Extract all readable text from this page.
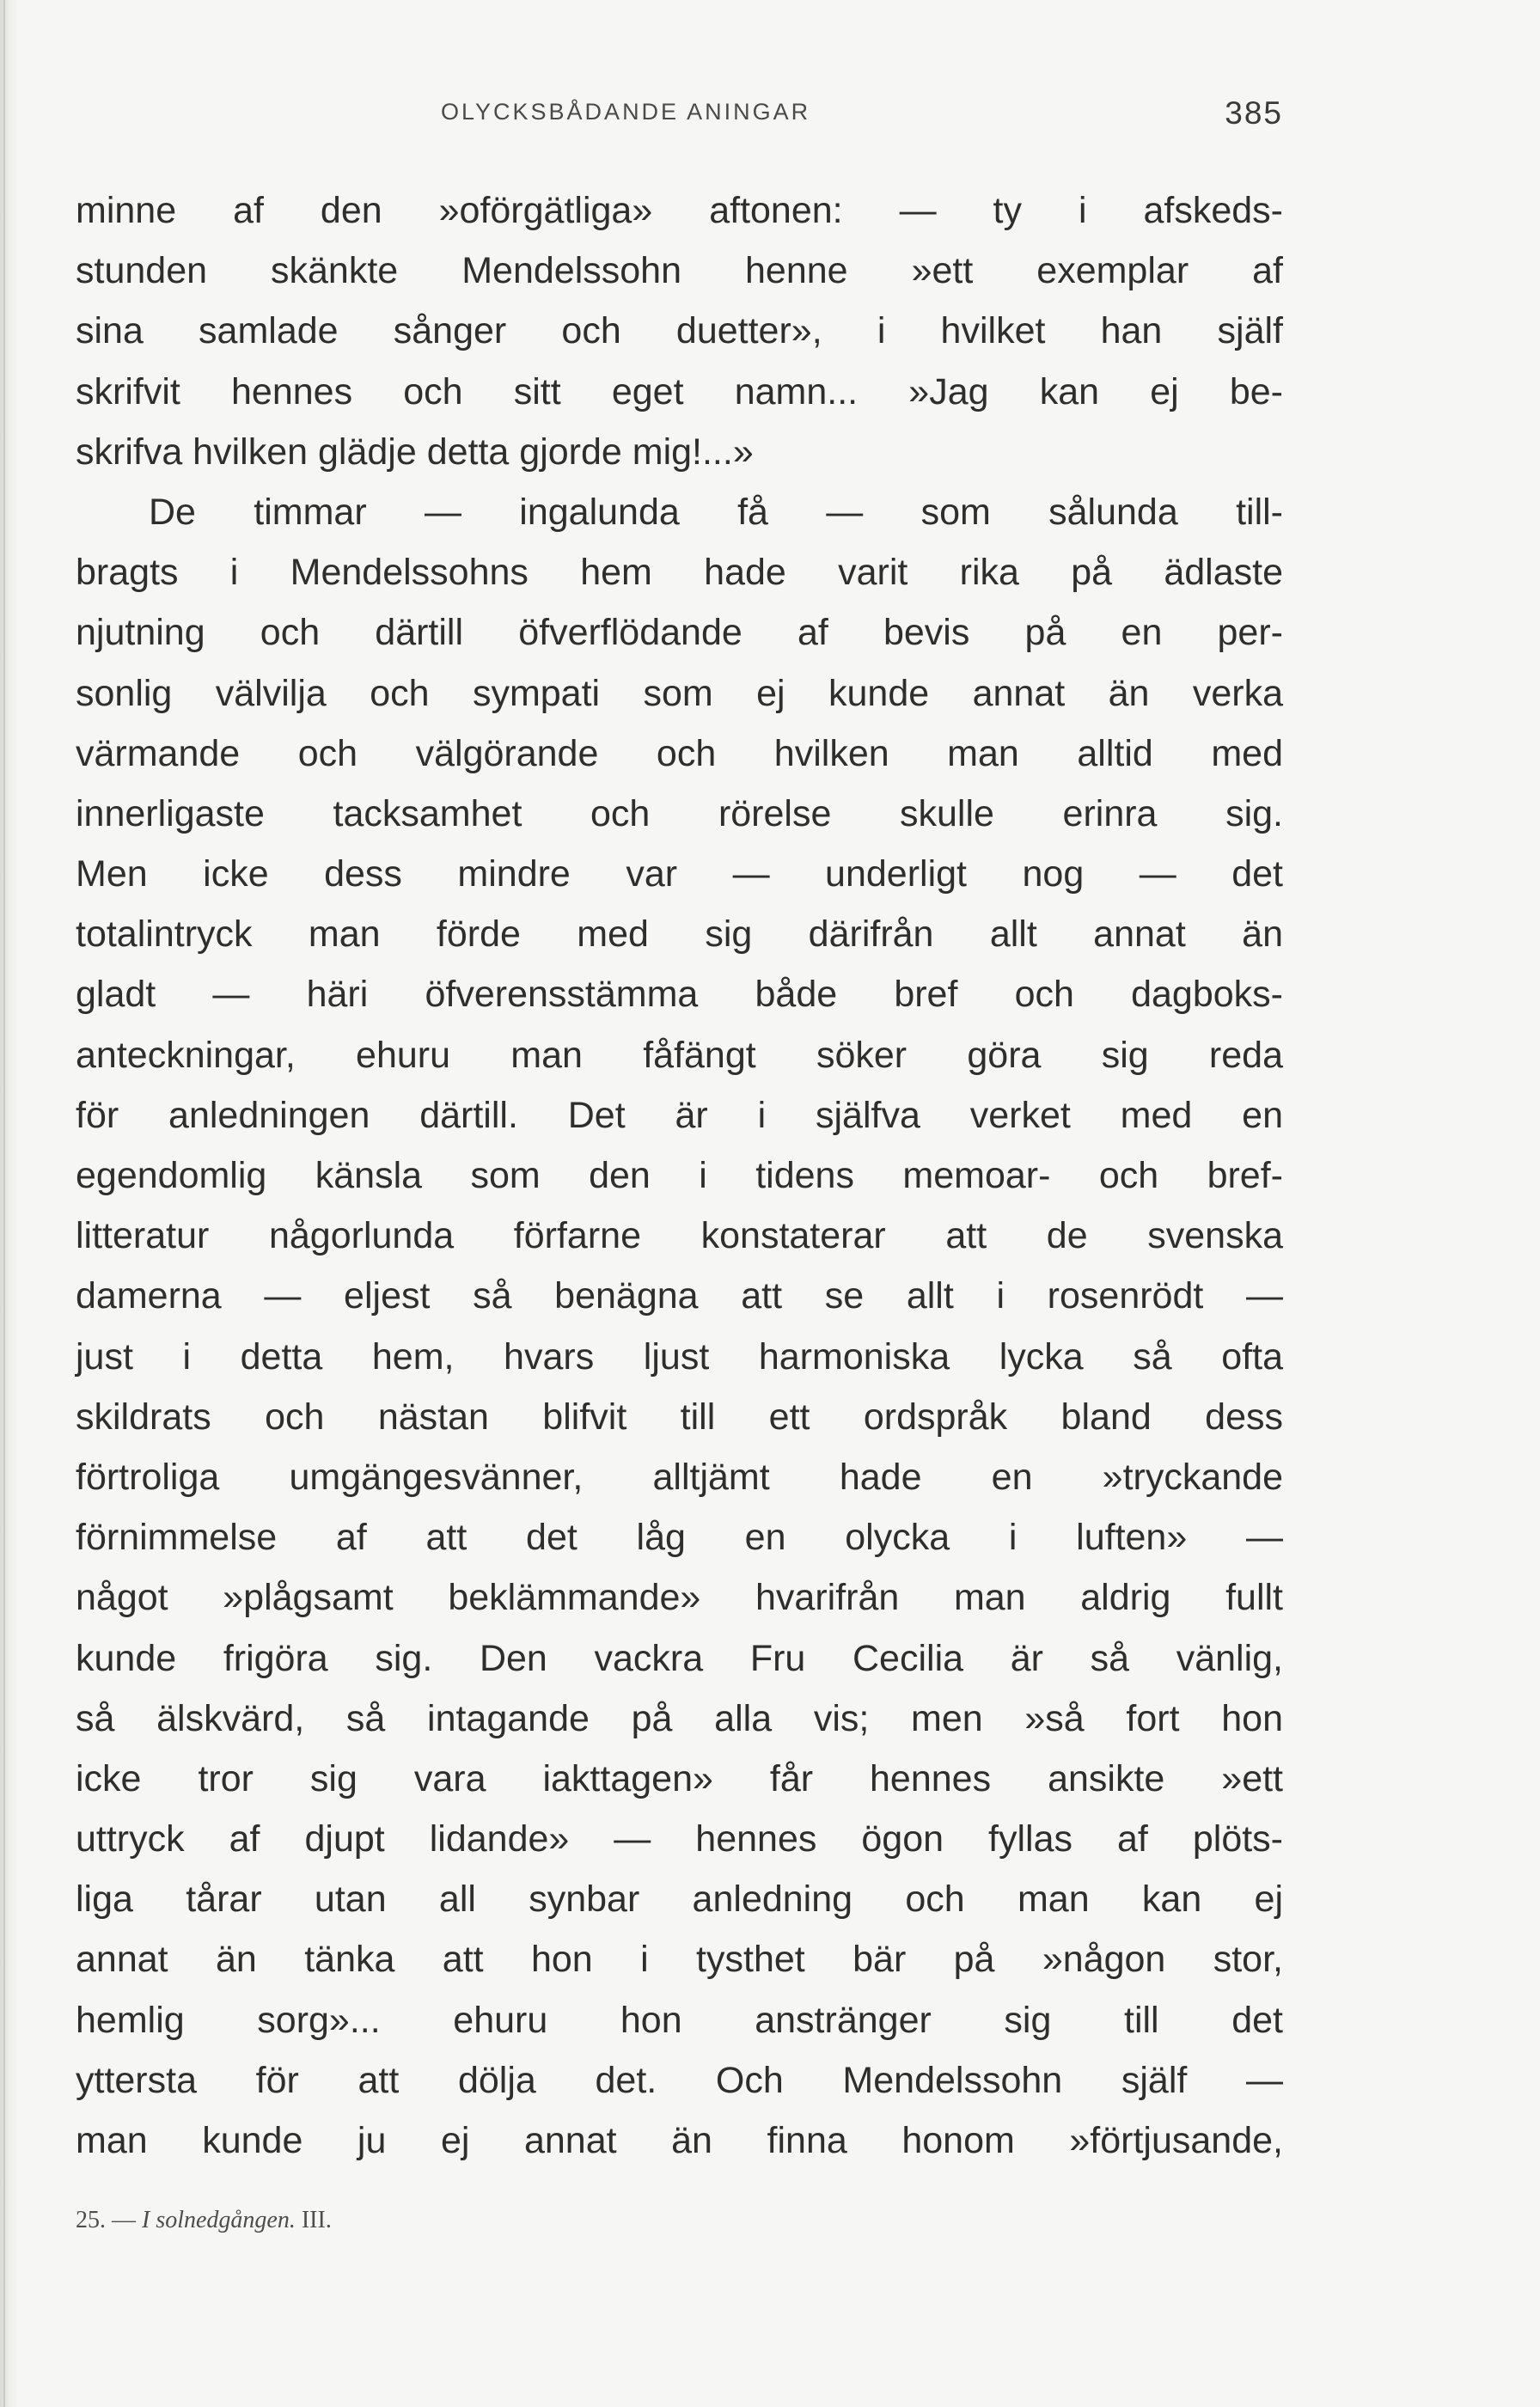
OLYCKSBÅDANDE ANINGAR	385
minne af den »oförgätliga» aftonen: — ty i afskeds-
stunden skänkte Mendelssohn henne »ett exemplar af
sina samlade sånger och duetter», i hvilket han själf
skrifvit hennes och sitt eget namn... »Jag kan ej be-
skrifva hvilken glädje detta gjorde mig!...»
De timmar — ingalunda få — som sålunda till-
bragts i Mendelssohns hem hade varit rika på ädlaste
njutning och därtill öfverflödande af bevis på en per-
sonlig välvilja och sympati som ej kunde annat än verka
värmande och välgörande och hvilken man alltid med
innerligaste tacksamhet och rörelse skulle erinra sig.
Men icke dess mindre var — underligt nog — det
totalintryck man förde med sig därifrån allt annat än
gladt — häri öfverensstämma både bref och dagboks-
anteckningar, ehuru man fåfängt söker göra sig reda
för anledningen därtill. Det är i själfva verket med en
egendomlig känsla som den i tidens memoar- och bref-
litteratur någorlunda förfarne konstaterar att de svenska
damerna — eljest så benägna att se allt i rosenrödt —
just i detta hem, hvars ljust harmoniska lycka så ofta
skildrats och nästan blifvit till ett ordspråk bland dess
förtroliga umgängesvänner, alltjämt hade en »tryckande
förnimmelse af att det låg en olycka i luften» —
något »plågsamt beklämmande» hvarifrån man aldrig fullt
kunde frigöra sig. Den vackra Fru Cecilia är så vänlig,
så älskvärd, så intagande på alla vis; men »så fort hon
icke tror sig vara iakttagen» får hennes ansikte »ett
uttryck af djupt lidande» — hennes ögon fyllas af plöts-
liga tårar utan all synbar anledning och man kan ej
annat än tänka att hon i tysthet bär på »någon stor,
hemlig sorg»... ehuru hon anstränger sig till det
yttersta för att dölja det. Och Mendelssohn själf —
man kunde ju ej annat än finna honom »förtjusande,
25. — I solnedgången. III.
